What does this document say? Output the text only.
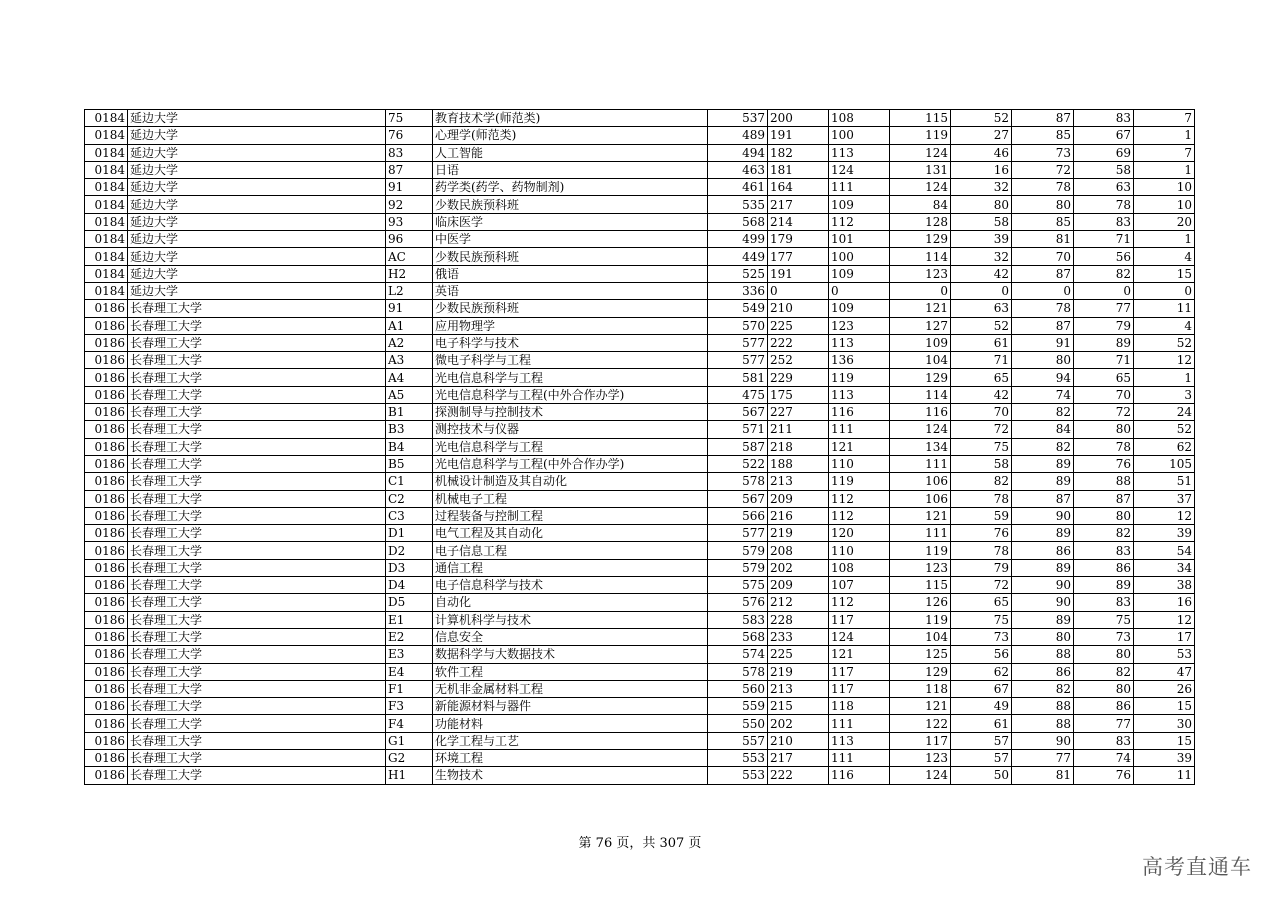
0184	延边大学	75	教育技术学(师范类)	537	200	108	115	52	87	83	7
0184	延边大学	76	心理学(师范类)	489	191	100	119	27	85	67	1
0184	延边大学	83	人工智能	494	182	113	124	46	73	69	7
0184	延边大学	87	日语	463	181	124	131	16	72	58	1
0184	延边大学	91	药学类(药学、药物制剂)	461	164	111	124	32	78	63	10
0184	延边大学	92	少数民族预科班	535	217	109	84	80	80	78	10
0184	延边大学	93	临床医学	568	214	112	128	58	85	83	20
0184	延边大学	96	中医学	499	179	101	129	39	81	71	1
0184	延边大学	AC	少数民族预科班	449	177	100	114	32	70	56	4
0184	延边大学	H2	俄语	525	191	109	123	42	87	82	15
0184	延边大学	L2	英语	336	0	0	0	0	0	0	0
0186	长春理工大学	91	少数民族预科班	549	210	109	121	63	78	77	11
0186	长春理工大学	A1	应用物理学	570	225	123	127	52	87	79	4
0186	长春理工大学	A2	电子科学与技术	577	222	113	109	61	91	89	52
0186	长春理工大学	A3	微电子科学与工程	577	252	136	104	71	80	71	12
0186	长春理工大学	A4	光电信息科学与工程	581	229	119	129	65	94	65	1
0186	长春理工大学	A5	光电信息科学与工程(中外合作办学)	475	175	113	114	42	74	70	3
0186	长春理工大学	B1	探测制导与控制技术	567	227	116	116	70	82	72	24
0186	长春理工大学	B3	测控技术与仪器	571	211	111	124	72	84	80	52
0186	长春理工大学	B4	光电信息科学与工程	587	218	121	134	75	82	78	62
0186	长春理工大学	B5	光电信息科学与工程(中外合作办学)	522	188	110	111	58	89	76	105
0186	长春理工大学	C1	机械设计制造及其自动化	578	213	119	106	82	89	88	51
0186	长春理工大学	C2	机械电子工程	567	209	112	106	78	87	87	37
0186	长春理工大学	C3	过程装备与控制工程	566	216	112	121	59	90	80	12
0186	长春理工大学	D1	电气工程及其自动化	577	219	120	111	76	89	82	39
0186	长春理工大学	D2	电子信息工程	579	208	110	119	78	86	83	54
0186	长春理工大学	D3	通信工程	579	202	108	123	79	89	86	34
0186	长春理工大学	D4	电子信息科学与技术	575	209	107	115	72	90	89	38
0186	长春理工大学	D5	自动化	576	212	112	126	65	90	83	16
0186	长春理工大学	E1	计算机科学与技术	583	228	117	119	75	89	75	12
0186	长春理工大学	E2	信息安全	568	233	124	104	73	80	73	17
0186	长春理工大学	E3	数据科学与大数据技术	574	225	121	125	56	88	80	53
0186	长春理工大学	E4	软件工程	578	219	117	129	62	86	82	47
0186	长春理工大学	F1	无机非金属材料工程	560	213	117	118	67	82	80	26
0186	长春理工大学	F3	新能源材料与器件	559	215	118	121	49	88	86	15
0186	长春理工大学	F4	功能材料	550	202	111	122	61	88	77	30
0186	长春理工大学	G1	化学工程与工艺	557	210	113	117	57	90	83	15
0186	长春理工大学	G2	环境工程	553	217	111	123	57	77	74	39
0186	长春理工大学	H1	生物技术	553	222	116	124	50	81	76	11
第 76 页，共 307 页
高考直通车
